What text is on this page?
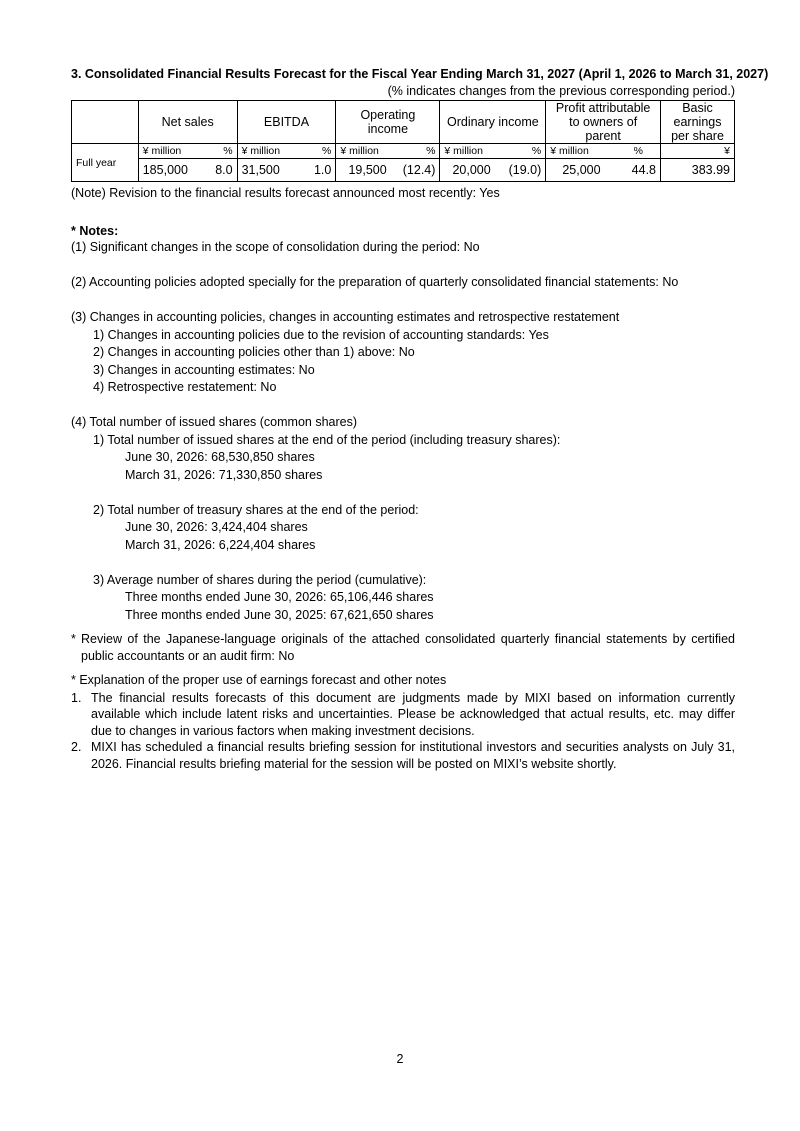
3. Consolidated Financial Results Forecast for the Fiscal Year Ending March 31, 2027 (April 1, 2026 to March 31, 2027)
(% indicates changes from the previous corresponding period.)
	Net sales		EBITDA		Operating income		Ordinary income		Profit attributable to owners of parent		Basic earnings per share
Full year	¥ million	%	¥ million	%	¥ million	%	¥ million	%	¥ million	%	¥
	185,000	8.0	31,500	1.0	19,500	(12.4)	20,000	(19.0)	25,000	44.8	383.99
(Note) Revision to the financial results forecast announced most recently: Yes
* Notes:
(1) Significant changes in the scope of consolidation during the period: No
(2) Accounting policies adopted specially for the preparation of quarterly consolidated financial statements: No
(3) Changes in accounting policies, changes in accounting estimates and retrospective restatement
1) Changes in accounting policies due to the revision of accounting standards: Yes
2) Changes in accounting policies other than 1) above: No
3) Changes in accounting estimates: No
4) Retrospective restatement: No
(4) Total number of issued shares (common shares)
1) Total number of issued shares at the end of the period (including treasury shares):
June 30, 2026: 68,530,850 shares
March 31, 2026: 71,330,850 shares
2) Total number of treasury shares at the end of the period:
June 30, 2026: 3,424,404 shares
March 31, 2026: 6,224,404 shares
3) Average number of shares during the period (cumulative):
Three months ended June 30, 2026: 65,106,446 shares
Three months ended June 30, 2025: 67,621,650 shares
* Review of the Japanese-language originals of the attached consolidated quarterly financial statements by certified public accountants or an audit firm: No
* Explanation of the proper use of earnings forecast and other notes
1. The financial results forecasts of this document are judgments made by MIXI based on information currently available which include latent risks and uncertainties. Please be acknowledged that actual results, etc. may differ due to changes in various factors when making investment decisions.
2. MIXI has scheduled a financial results briefing session for institutional investors and securities analysts on July 31, 2026. Financial results briefing material for the session will be posted on MIXI’s website shortly.
2
